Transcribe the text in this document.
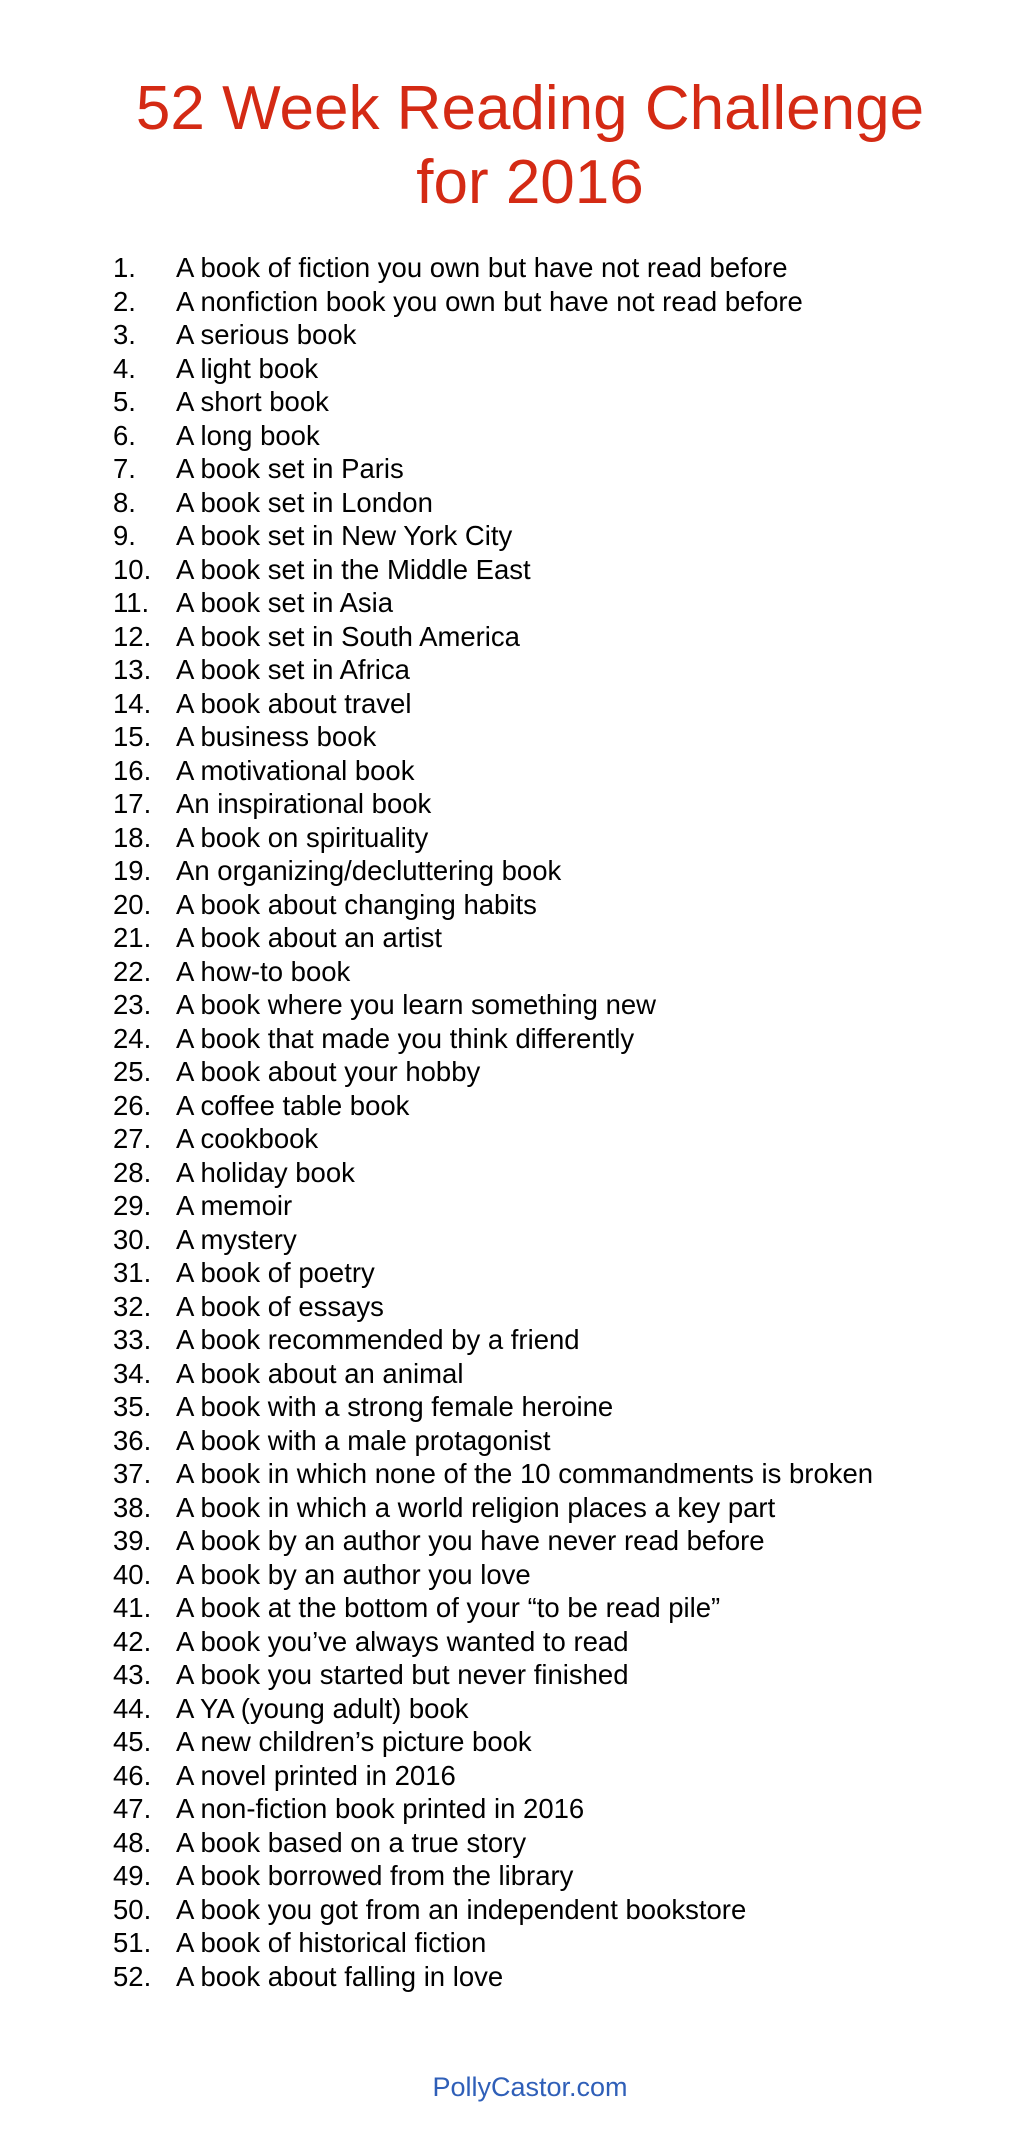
52 Week Reading Challenge
for 2016
1.	A book of fiction you own but have not read before
2.	A nonfiction book you own but have not read before
3.	A serious book
4.	A light book
5.	A short book
6.	A long book
7.	A book set in Paris
8.	A book set in London
9.	A book set in New York City
10. A book set in the Middle East
11. A book set in Asia
12. A book set in South America
13. A book set in Africa
14. A book about travel
15. A business book
16. A motivational book
17. An inspirational book
18. A book on spirituality
19. An organizing/decluttering book
20. A book about changing habits
21. A book about an artist
22. A how-to book
23. A book where you learn something new
24. A book that made you think differently
25. A book about your hobby
26. A coffee table book
27. A cookbook
28. A holiday book
29. A memoir
30. A mystery
31. A book of poetry
32. A book of essays
33. A book recommended by a friend
34. A book about an animal
35. A book with a strong female heroine
36. A book with a male protagonist
37. A book in which none of the 10 commandments is broken
38. A book in which a world religion places a key part
39. A book by an author you have never read before
40. A book by an author you love
41. A book at the bottom of your “to be read pile”
42. A book you’ve always wanted to read
43. A book you started but never finished
44. A YA (young adult) book
45. A new children’s picture book
46. A novel printed in 2016
47. A non-fiction book printed in 2016
48. A book based on a true story
49. A book borrowed from the library
50. A book you got from an independent bookstore
51. A book of historical fiction
52. A book about falling in love
PollyCastor.com
